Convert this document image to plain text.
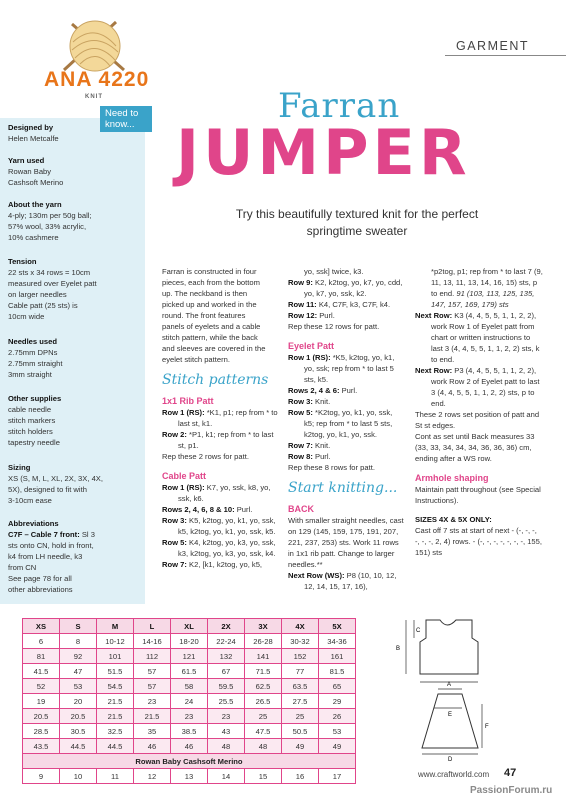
ANA 4220
KNIT
GARMENT
Farran
JUMPER
Try this beautifully textured knit for the perfect
springtime sweater
Need to
know...
Designed by
Helen Metcalfe
Yarn used
Rowan Baby
Cashsoft Merino
About the yarn
4-ply; 130m per 50g ball;
57% wool, 33% acrylic,
10% cashmere
Tension
22 sts x 34 rows = 10cm
measured over Eyelet patt
on larger needles
Cable patt (25 sts) is
10cm wide
Needles used
2.75mm DPNs
2.75mm straight
3mm straight
Other supplies
cable needle
stitch markers
stitch holders
tapestry needle
Sizing
XS (S, M, L, XL, 2X, 3X, 4X,
5X), designed to fit with
3-10cm ease
Abbreviations
C7F – Cable 7 front: Sl 3
sts onto CN, hold in front,
k4 from LH needle, k3
from CN
See page 78 for all
other abbreviations
Farran is constructed in four
pieces, each from the bottom
up. The neckband is then
picked up and worked in the
round. The front features
panels of eyelets and a cable
stitch pattern, while the back
and sleeves are covered in the
eyelet stitch pattern.
Stitch patterns
1x1 Rib Patt

Row 1 (RS): *K1, p1; rep from * to last st, k1.

Row 2: *P1, k1; rep from * to last st, p1.

Rep these 2 rows for patt.

Cable Patt

Row 1 (RS): K7, yo, ssk, k8, yo, ssk, k6.

Rows 2, 4, 6, 8 & 10: Purl.

Row 3: K5, k2tog, yo, k1, yo, ssk, k5, k2tog, yo, k1, yo, ssk, k5.

Row 5: K4, k2tog, yo, k3, yo, ssk, k3, k2tog, yo, k3, yo, ssk, k4.

Row 7: K2, [k1, k2tog, yo, k5,

yo, ssk] twice, k3.

Row 9: K2, k2tog, yo, k7, yo, cdd, yo, k7, yo, ssk, k2.

Row 11: K4, C7F, k3, C7F, k4.

Row 12: Purl.

Rep these 12 rows for patt.

Eyelet Patt

Row 1 (RS): *K5, k2tog, yo, k1, yo, ssk; rep from * to last 5 sts, k5.

Rows 2, 4 & 6: Purl.

Row 3: Knit.

Row 5: *K2tog, yo, k1, yo, ssk, k5; rep from * to last 5 sts, k2tog, yo, k1, yo, ssk.

Row 7: Knit.

Row 8: Purl.

Rep these 8 rows for patt.

Start knitting...
BACK

With smaller straight needles, cast on 129 (145, 159, 175, 191, 207, 221, 237, 253) sts. Work 11 rows in 1x1 rib patt. Change to larger needles.**

Next Row (WS): P8 (10, 10, 12, 12, 14, 15, 17, 16),

*p2tog, p1; rep from * to last 7 (9, 11, 13, 11, 13, 14, 16, 15) sts, p to end. 91 (103, 113, 125, 135, 147, 157, 169, 179) sts

Next Row: K3 (4, 4, 5, 5, 1, 1, 2, 2), work Row 1 of Eyelet patt from chart or written instructions to last 3 (4, 4, 5, 5, 1, 1, 2, 2) sts, k to end.

Next Row: P3 (4, 4, 5, 5, 1, 1, 2, 2), work Row 2 of Eyelet patt to last 3 (4, 4, 5, 5, 1, 1, 2, 2) sts, p to end.

These 2 rows set position of patt and St st edges.

Cont as set until Back measures 33 (33, 33, 34, 34, 34, 36, 36, 36) cm, ending after a WS row.

Armhole shaping

Maintain patt throughout (see Special Instructions).

SIZES 4X & 5X ONLY:

Cast off 7 sts at start of next - (-, -, -, -, -, -, 2, 4) rows. - (-, -, -, -, -, -, -, 155, 151) sts

XS	S	M	L	XL	2X	3X	4X	5X
6	8	10-12	14-16	18-20	22-24	26-28	30-32	34-36
81	92	101	112	121	132	141	152	161
41.5	47	51.5	57	61.5	67	71.5	77	81.5
52	53	54.5	57	58	59.5	62.5	63.5	65
19	20	21.5	23	24	25.5	26.5	27.5	29
20.5	20.5	21.5	21.5	23	23	25	25	26
28.5	30.5	32.5	35	38.5	43	47.5	50.5	53
43.5	44.5	44.5	46	46	48	48	49	49
Rowan Baby Cashsoft Merino								
9	10	11	12	13	14	15	16	17
B
C
A
E
F
D
www.craftworld.com 47
PassionForum.ru
